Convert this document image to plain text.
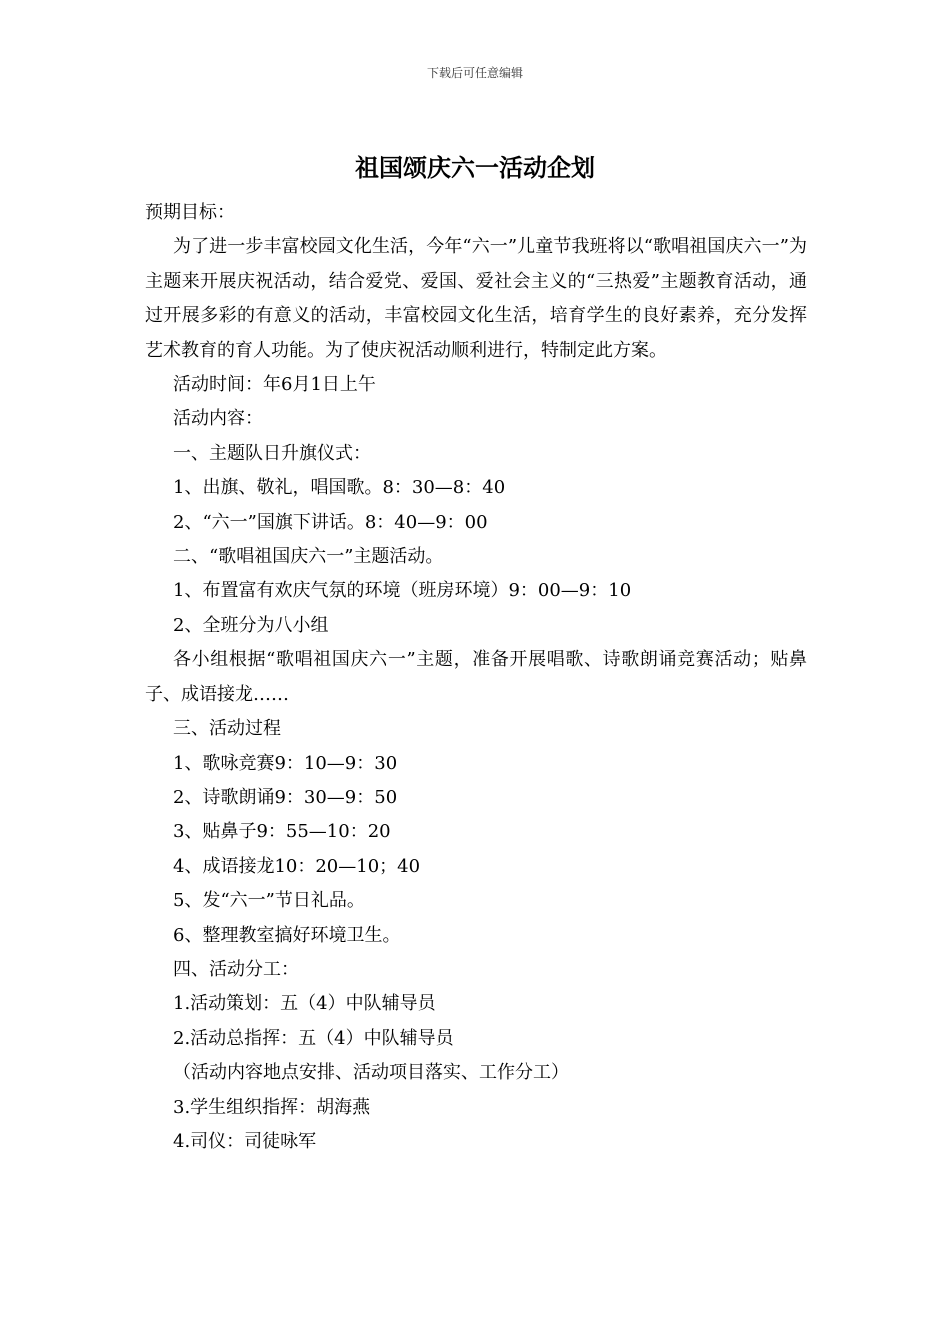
下载后可任意编辑
祖国颂庆六一活动企划

预期目标：

为了进一步丰富校园文化生活，今年“六一”儿童节我班将以“歌唱祖国庆六一”为主题来开展庆祝活动，结合爱党、爱国、爱社会主义的“三热爱”主题教育活动，通过开展多彩的有意义的活动，丰富校园文化生活，培育学生的良好素养，充分发挥艺术教育的育人功能。为了使庆祝活动顺利进行，特制定此方案。

活动时间：年6月1日上午

活动内容：

一、主题队日升旗仪式：

1、出旗、敬礼，唱国歌。8：30—8：40

2、“六一”国旗下讲话。8：40—9：00

二、“歌唱祖国庆六一”主题活动。

1、布置富有欢庆气氛的环境（班房环境）9：00—9：10

2、全班分为八小组

各小组根据“歌唱祖国庆六一”主题，准备开展唱歌、诗歌朗诵竞赛活动；贴鼻子、成语接龙……

三、活动过程

1、歌咏竞赛9：10—9：30

2、诗歌朗诵9：30—9：50

3、贴鼻子9：55—10：20

4、成语接龙10：20—10；40

5、发“六一”节日礼品。

6、整理教室搞好环境卫生。

四、活动分工：

1.活动策划：五（4）中队辅导员

2.活动总指挥：五（4）中队辅导员

（活动内容地点安排、活动项目落实、工作分工）

3.学生组织指挥：胡海燕

4.司仪：司徒咏军
